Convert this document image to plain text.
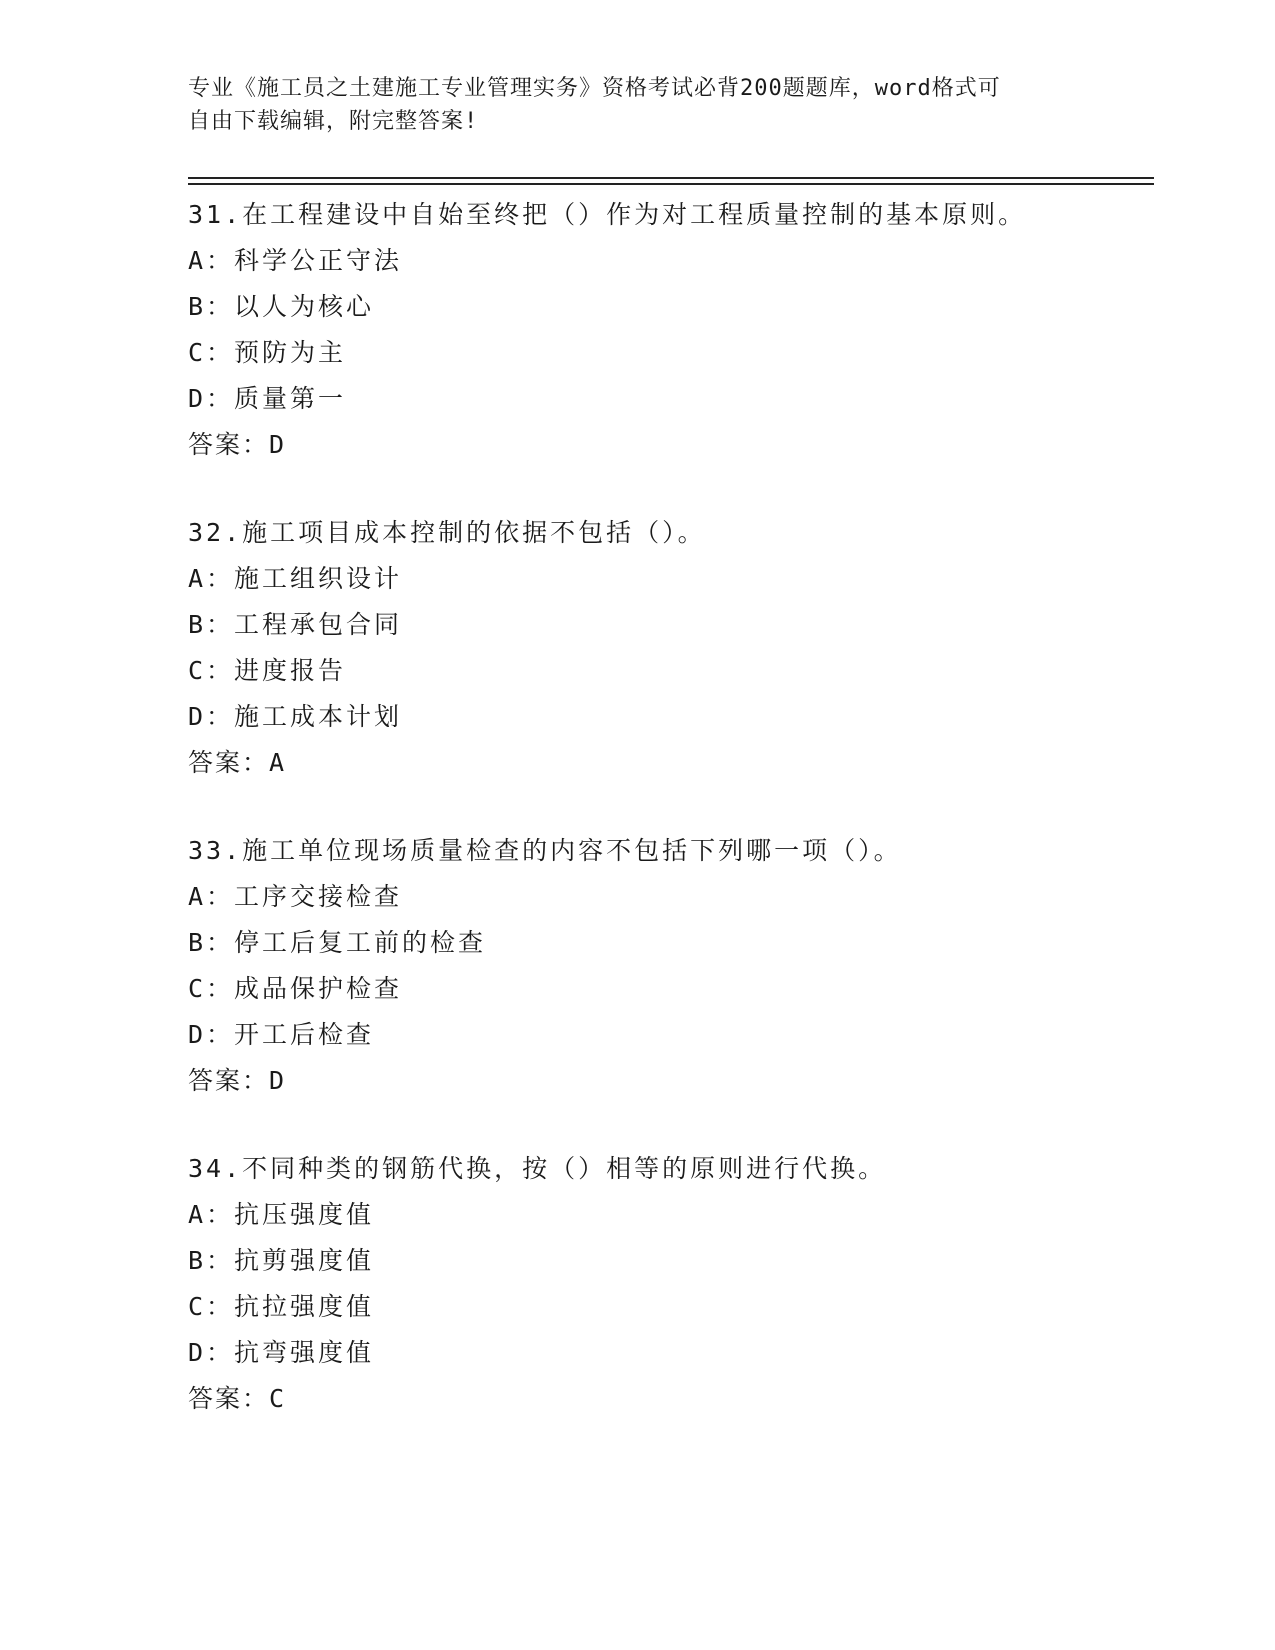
专业《施工员之土建施工专业管理实务》资格考试必背200题题库，word格式可
自由下载编辑，附完整答案!
31.在工程建设中自始至终把（）作为对工程质量控制的基本原则。
A：科学公正守法
B：以人为核心
C：预防为主
D：质量第一
答案：D
32.施工项目成本控制的依据不包括（）。
A：施工组织设计
B：工程承包合同
C：进度报告
D：施工成本计划
答案：A
33.施工单位现场质量检查的内容不包括下列哪一项（）。
A：工序交接检查
B：停工后复工前的检查
C：成品保护检查
D：开工后检查
答案：D
34.不同种类的钢筋代换，按（）相等的原则进行代换。
A：抗压强度值
B：抗剪强度值
C：抗拉强度值
D：抗弯强度值
答案：C
